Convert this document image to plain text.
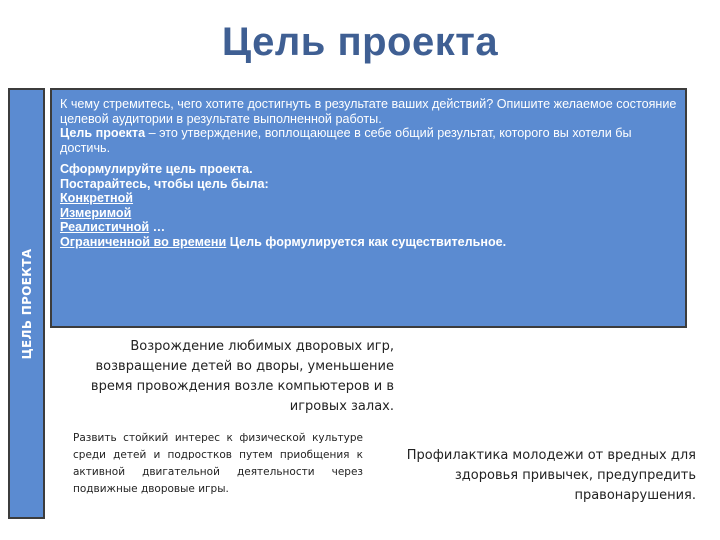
Цель проекта
ЦЕЛЬ ПРОЕКТА

К чему стремитесь, чего хотите достигнуть в результате ваших действий? Опишите желаемое состояние целевой аудитории в результате выполненной работы.

Цель проекта – это утверждение, воплощающее в себе общий результат, которого вы хотели бы достичь.

Сформулируйте цель проекта.

Постарайтесь, чтобы цель была:

Конкретной

Измеримой

Реалистичной …

Ограниченной во времени Цель формулируется как существительное.

Возрождение любимых дворовых игр, возвращение детей во дворы, уменьшение время провождения возле компьютеров и в игровых залах.

Развить стойкий интерес к физической культуре среди детей и подростков путем приобщения к активной двигательной деятельности через подвижные дворовые игры.

Профилактика молодежи от вредных для здоровья привычек, предупредить правонарушения.
